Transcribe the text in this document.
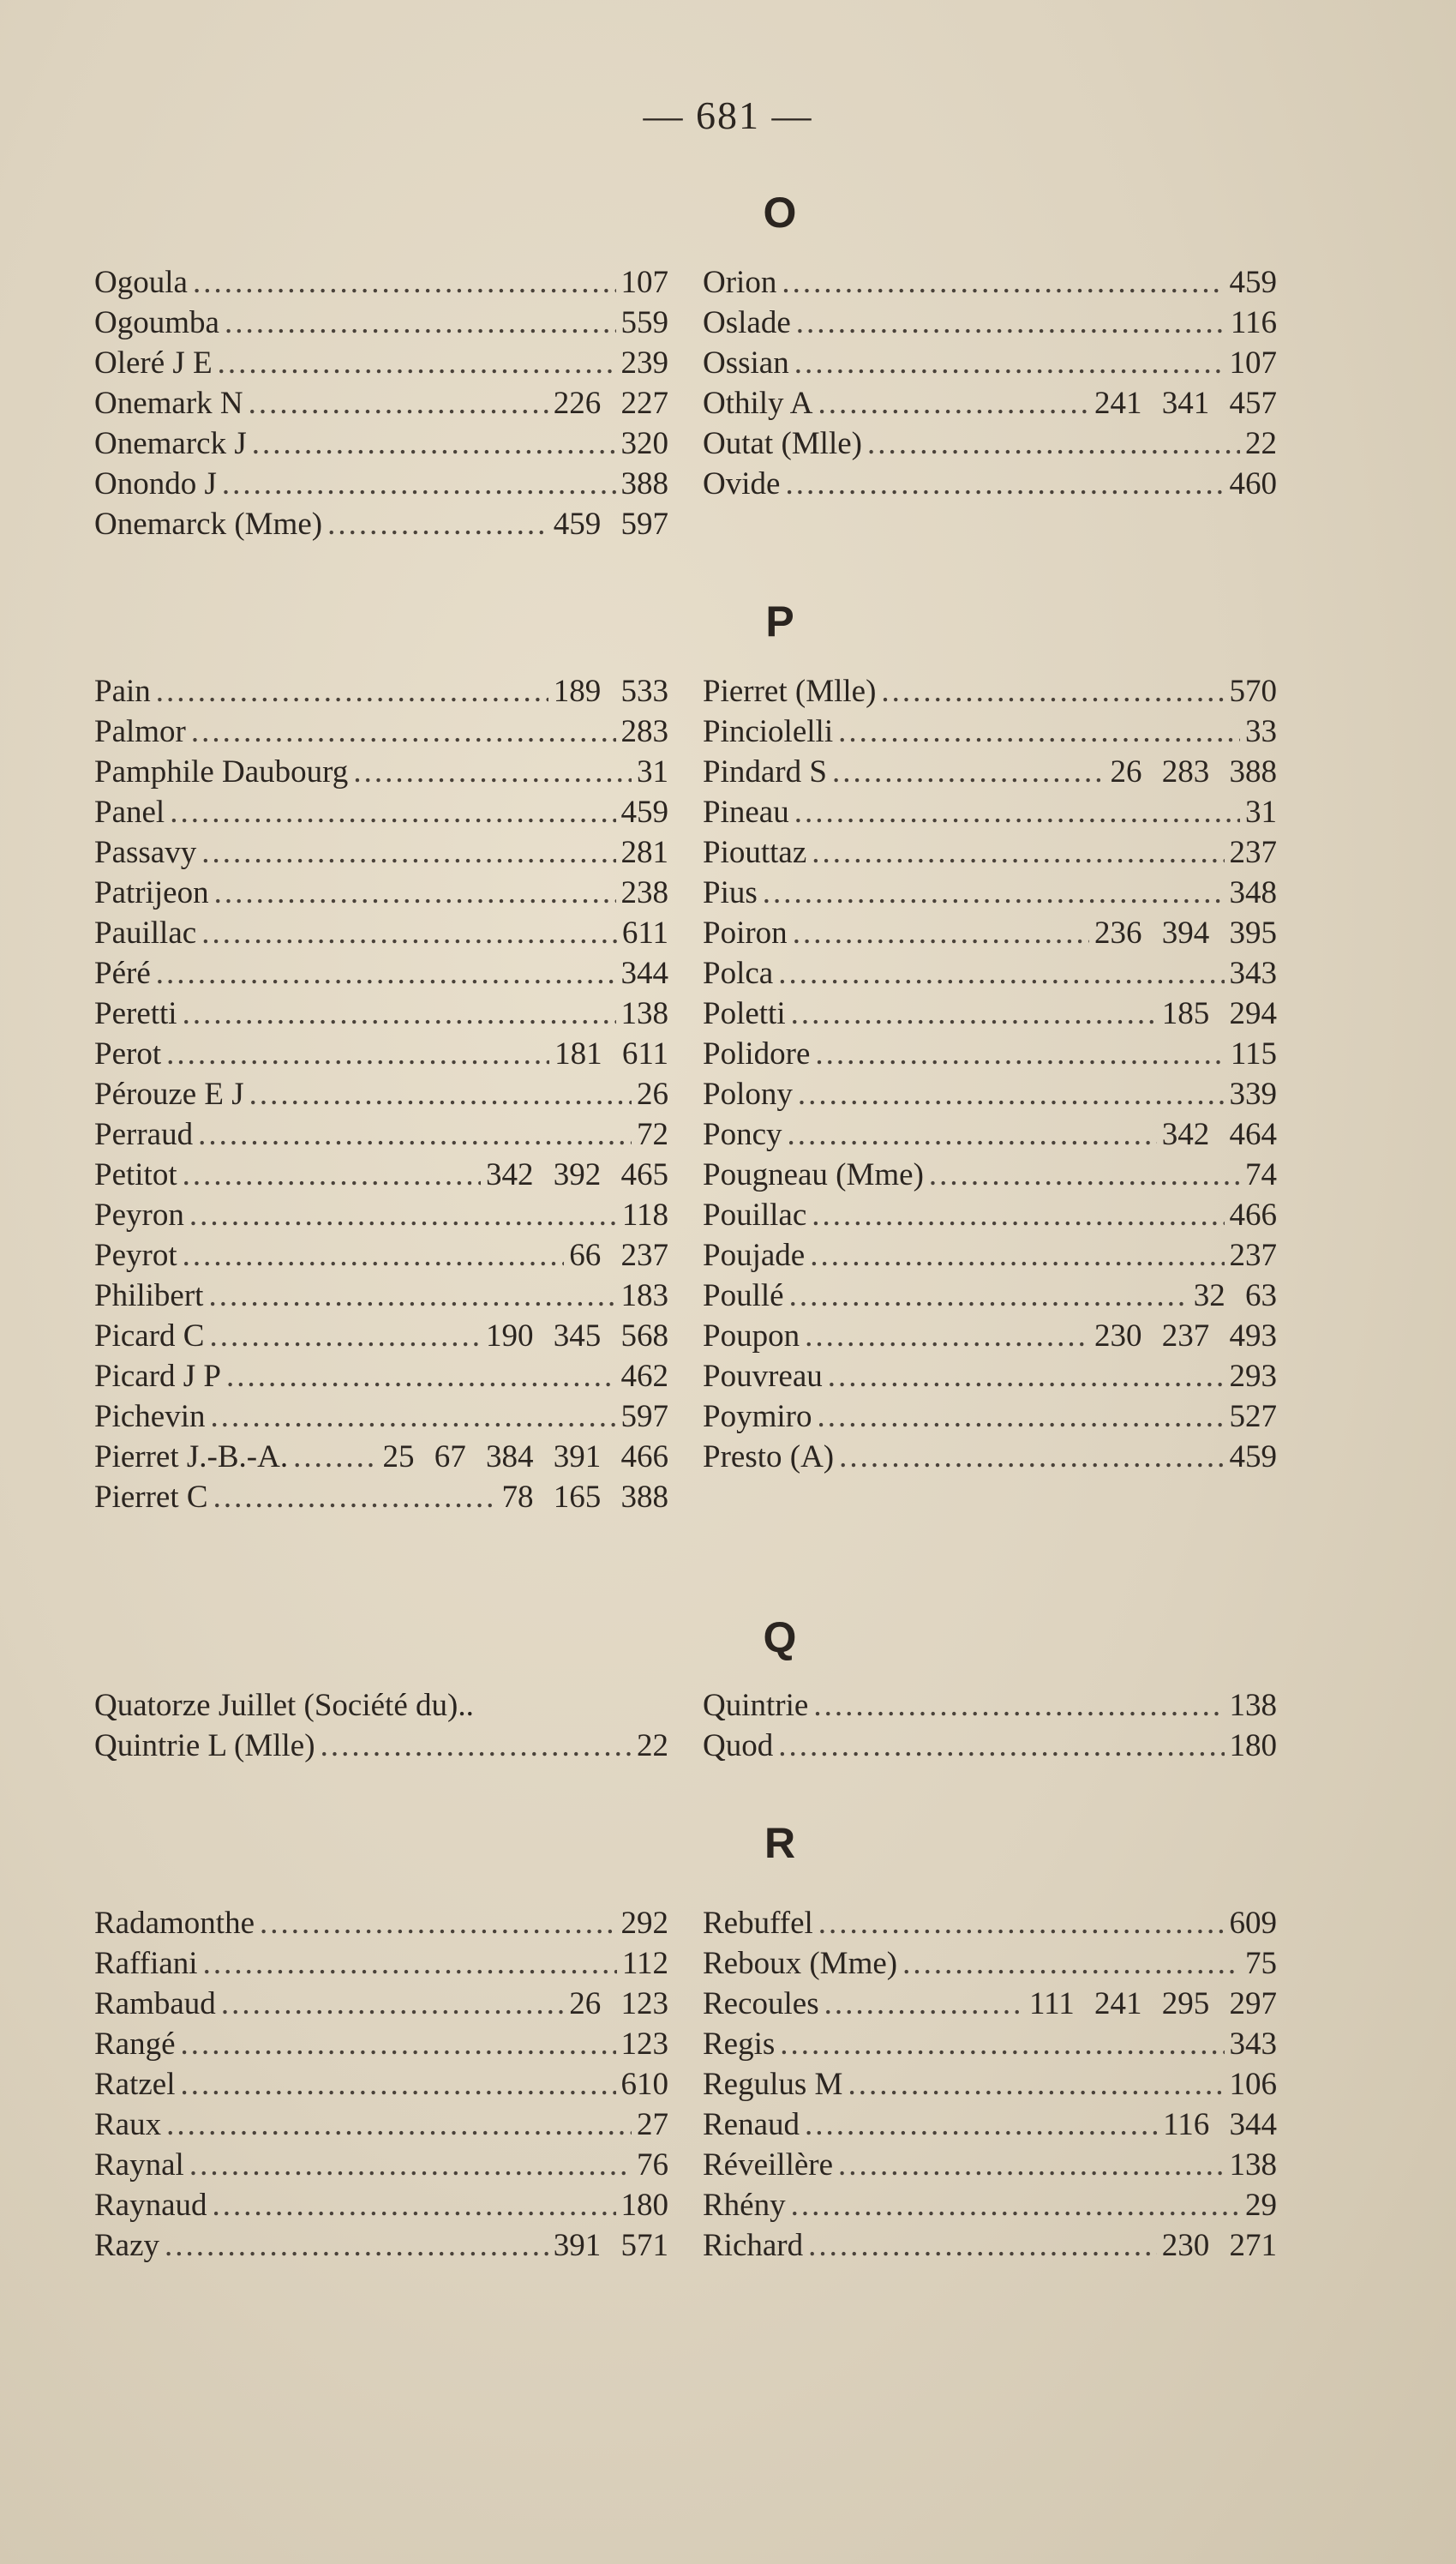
— 681 —
O
Ogoula .....	107
Ogoumba .....	559
Oleré J E .....	239
Onemark N .....	226 227
Onemarck J .....	320
Onondo J .....	388
Onemarck (Mme) .....	459 597
Orion .....	459
Oslade .....	116
Ossian .....	107
Othily A .....	241 341 457
Outat (Mlle) .....	22
Ovide .....	460
P
Pain .....	189 533
Palmor .....	283
Pamphile Daubourg .....	31
Panel .....	459
Passavy .....	281
Patrijeon .....	238
Pauillac .....	611
Péré .....	344
Peretti .....	138
Perot .....	181 611
Pérouze E J .....	26
Perraud .....	72
Petitot .....	342 392 465
Peyron .....	118
Peyrot .....	66 237
Philibert .....	183
Picard C .....	190 345 568
Picard J P .....	462
Pichevin .....	597
Pierret J.-B.-A. .....	25 67 384 391 466
Pierret C .....	78 165 388
Pierret (Mlle) .....	570
Pinciolelli .....	33
Pindard S .....	26 283 388
Pineau .....	31
Piouttaz .....	237
Pius .....	348
Poiron .....	236 394 395
Polca .....	343
Poletti .....	185 294
Polidore .....	115
Polony .....	339
Poncy .....	342 464
Pougneau (Mme) .....	74
Pouillac .....	466
Poujade .....	237
Poullé .....	32 63
Poupon .....	230 237 493
Pouvreau .....	293
Poymiro .....	527
Presto (A) .....	459
Q
Quatorze Juillet (Société du)..
Quintrie L (Mlle) .....	22
Quintrie .....	138
Quod .....	180
R
Radamonthe .....	292
Raffiani .....	112
Rambaud .....	26 123
Rangé .....	123
Ratzel .....	610
Raux .....	27
Raynal .....	76
Raynaud .....	180
Razy .....	391 571
Rebuffel .....	609
Reboux (Mme) .....	75
Recoules .....	111 241 295 297
Regis .....	343
Regulus M .....	106
Renaud .....	116 344
Réveillère .....	138
Rhény .....	29
Richard .....	230 271
